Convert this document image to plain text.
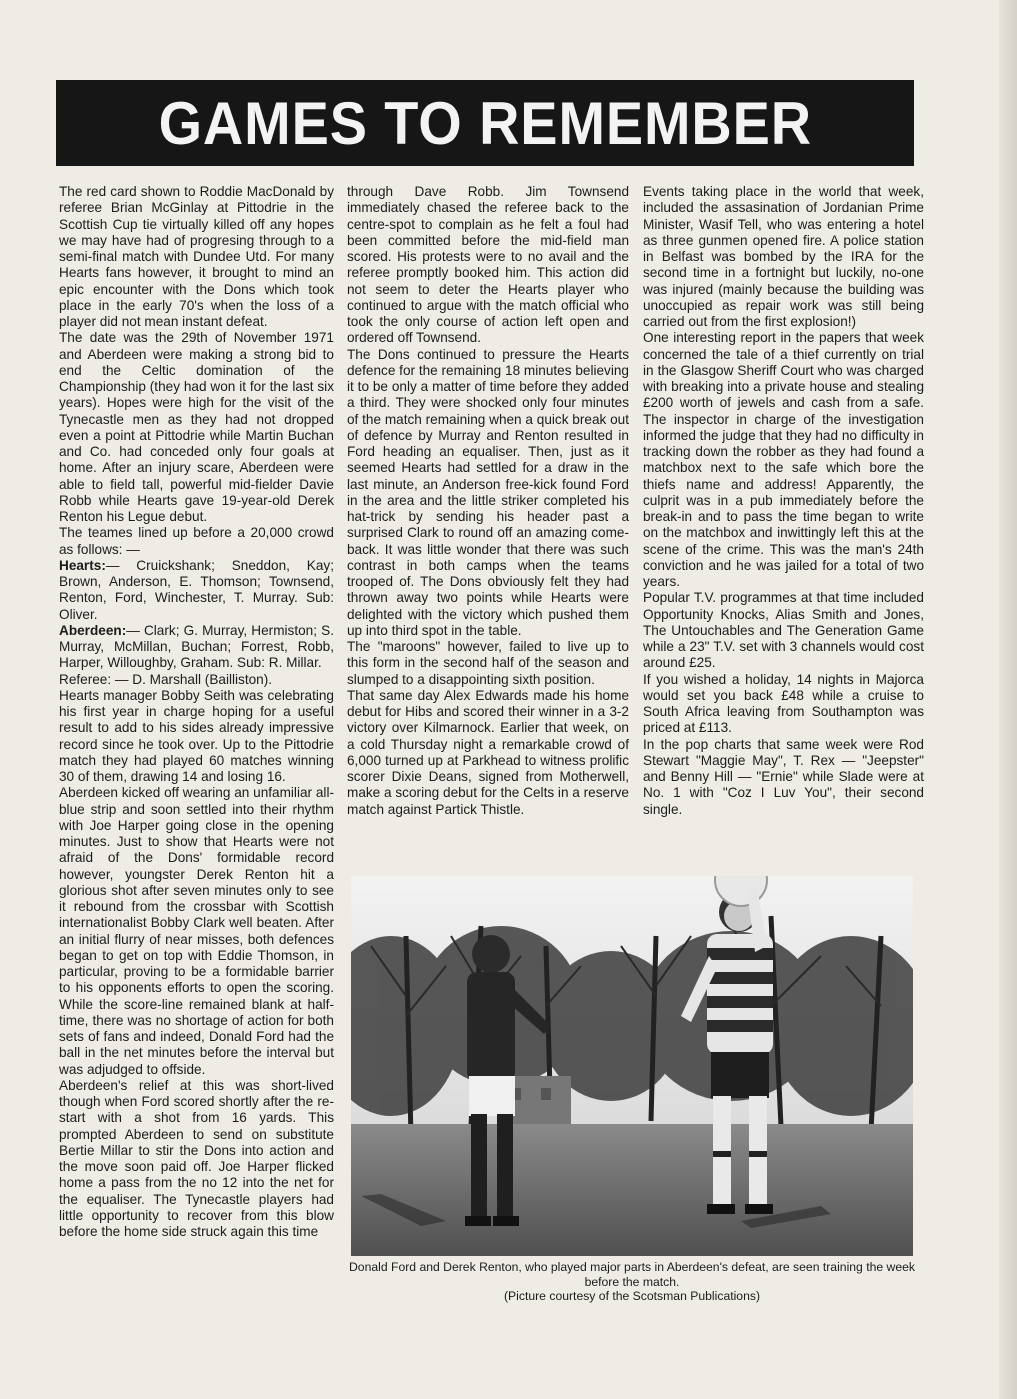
GAMES TO REMEMBER

The red card shown to Roddie MacDonald by referee Brian McGinlay at Pittodrie in the Scottish Cup tie virtually killed off any hopes we may have had of progresing through to a semi-final match with Dundee Utd. For many Hearts fans however, it brought to mind an epic encounter with the Dons which took place in the early 70's when the loss of a player did not mean instant defeat.

The date was the 29th of November 1971 and Aberdeen were making a strong bid to end the Celtic domination of the Championship (they had won it for the last six years). Hopes were high for the visit of the Tynecastle men as they had not dropped even a point at Pittodrie while Martin Buchan and Co. had conceded only four goals at home. After an injury scare, Aberdeen were able to field tall, powerful mid-fielder Davie Robb while Hearts gave 19-year-old Derek Renton his Legue debut.

The teames lined up before a 20,000 crowd as follows: —

Hearts:— Cruickshank; Sneddon, Kay; Brown, Anderson, E. Thomson; Townsend, Renton, Ford, Winchester, T. Murray. Sub: Oliver.

Aberdeen:— Clark; G. Murray, Hermiston; S. Murray, McMillan, Buchan; Forrest, Robb, Harper, Willoughby, Graham. Sub: R. Millar.

Referee: — D. Marshall (Bailliston).

Hearts manager Bobby Seith was celebrating his first year in charge hoping for a useful result to add to his sides already impressive record since he took over. Up to the Pittodrie match they had played 60 matches winning 30 of them, drawing 14 and losing 16.

Aberdeen kicked off wearing an unfamiliar all-blue strip and soon settled into their rhythm with Joe Harper going close in the opening minutes. Just to show that Hearts were not afraid of the Dons' formidable record however, youngster Derek Renton hit a glorious shot after seven minutes only to see it rebound from the crossbar with Scottish internationalist Bobby Clark well beaten. After an initial flurry of near misses, both defences began to get on top with Eddie Thomson, in particular, proving to be a formidable barrier to his opponents efforts to open the scoring. While the score-line remained blank at half-time, there was no shortage of action for both sets of fans and indeed, Donald Ford had the ball in the net minutes before the interval but was adjudged to offside.

Aberdeen's relief at this was short-lived though when Ford scored shortly after the re-start with a shot from 16 yards. This prompted Aberdeen to send on substitute Bertie Millar to stir the Dons into action and the move soon paid off. Joe Harper flicked home a pass from the no 12 into the net for the equaliser. The Tynecastle players had little opportunity to recover from this blow before the home side struck again this time

through Dave Robb. Jim Townsend immediately chased the referee back to the centre-spot to complain as he felt a foul had been committed before the mid-field man scored. His protests were to no avail and the referee promptly booked him. This action did not seem to deter the Hearts player who continued to argue with the match official who took the only course of action left open and ordered off Townsend.

The Dons continued to pressure the Hearts defence for the remaining 18 minutes believing it to be only a matter of time before they added a third. They were shocked only four minutes of the match remaining when a quick break out of defence by Murray and Renton resulted in Ford heading an equaliser. Then, just as it seemed Hearts had settled for a draw in the last minute, an Anderson free-kick found Ford in the area and the little striker completed his hat-trick by sending his header past a surprised Clark to round off an amazing come-back. It was little wonder that there was such contrast in both camps when the teams trooped of. The Dons obviously felt they had thrown away two points while Hearts were delighted with the victory which pushed them up into third spot in the table.

The "maroons" however, failed to live up to this form in the second half of the season and slumped to a disappointing sixth position.

That same day Alex Edwards made his home debut for Hibs and scored their winner in a 3-2 victory over Kilmarnock. Earlier that week, on a cold Thursday night a remarkable crowd of 6,000 turned up at Parkhead to witness prolific scorer Dixie Deans, signed from Motherwell, make a scoring debut for the Celts in a reserve match against Partick Thistle.

Events taking place in the world that week, included the assasination of Jordanian Prime Minister, Wasif Tell, who was entering a hotel as three gunmen opened fire. A police station in Belfast was bombed by the IRA for the second time in a fortnight but luckily, no-one was injured (mainly because the building was unoccupied as repair work was still being carried out from the first explosion!)

One interesting report in the papers that week concerned the tale of a thief currently on trial in the Glasgow Sheriff Court who was charged with breaking into a private house and stealing £200 worth of jewels and cash from a safe. The inspector in charge of the investigation informed the judge that they had no difficulty in tracking down the robber as they had found a matchbox next to the safe which bore the thiefs name and address! Apparently, the culprit was in a pub immediately before the break-in and to pass the time began to write on the matchbox and inwittingly left this at the scene of the crime. This was the man's 24th conviction and he was jailed for a total of two years.

Popular T.V. programmes at that time included Opportunity Knocks, Alias Smith and Jones, The Untouchables and The Generation Game while a 23" T.V. set with 3 channels would cost around £25.

If you wished a holiday, 14 nights in Majorca would set you back £48 while a cruise to South Africa leaving from Southampton was priced at £113.

In the pop charts that same week were Rod Stewart "Maggie May", T. Rex — "Jeepster" and Benny Hill — "Ernie" while Slade were at No. 1 with "Coz I Luv You", their second single.

Donald Ford and Derek Renton, who played major parts in Aberdeen's defeat, are seen training the week before the match.

(Picture courtesy of the Scotsman Publications)
